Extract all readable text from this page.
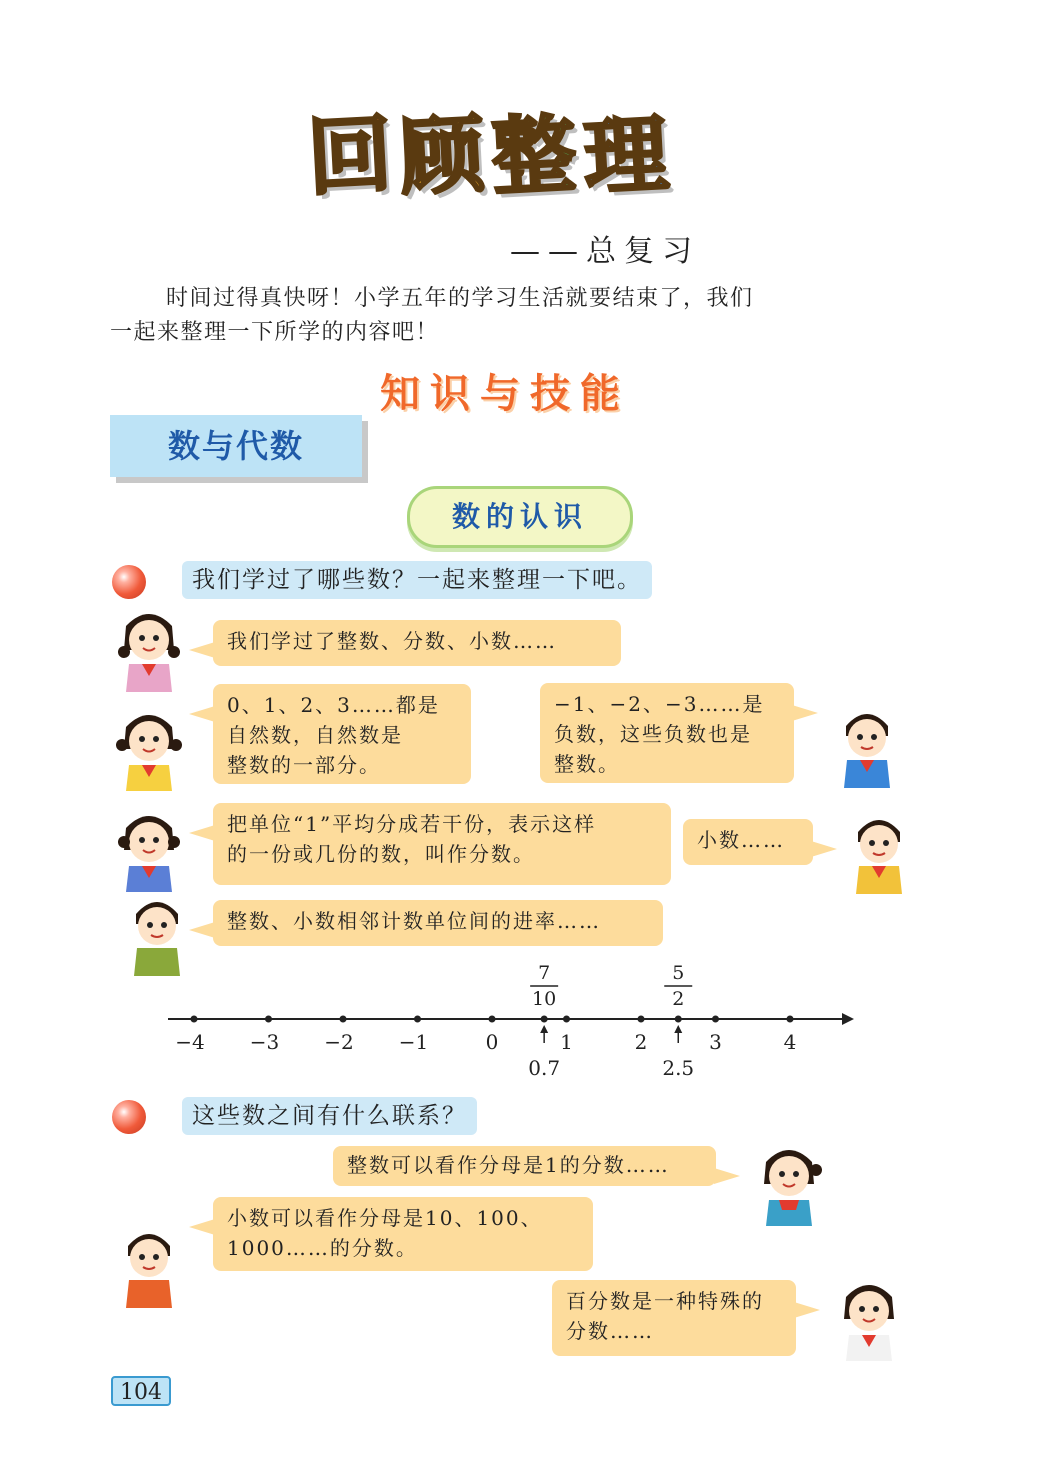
回 顾 整 理
——总复习

时间过得真快呀！小学五年的学习生活就要结束了，我们

一起来整理一下所学的内容吧！

知识与技能
数与代数
数的认识
我们学过了哪些数？一起来整理一下吧。
我们学过了整数、分数、小数……
0、1、2、3……都是
自然数，自然数是
整数的一部分。
−1、−2、−3……是
负数，这些负数也是
整数。
把单位“1”平均分成若干份，表示这样
的一份或几份的数，叫作分数。
小数……
整数、小数相邻计数单位间的进率……
−4 −3 −2 −1	0	1	2	3	4
7
10
0.7
5
2
2.5
这些数之间有什么联系？
整数可以看作分母是1的分数……
小数可以看作分母是10、100、
1000……的分数。
百分数是一种特殊的
分数……
104
